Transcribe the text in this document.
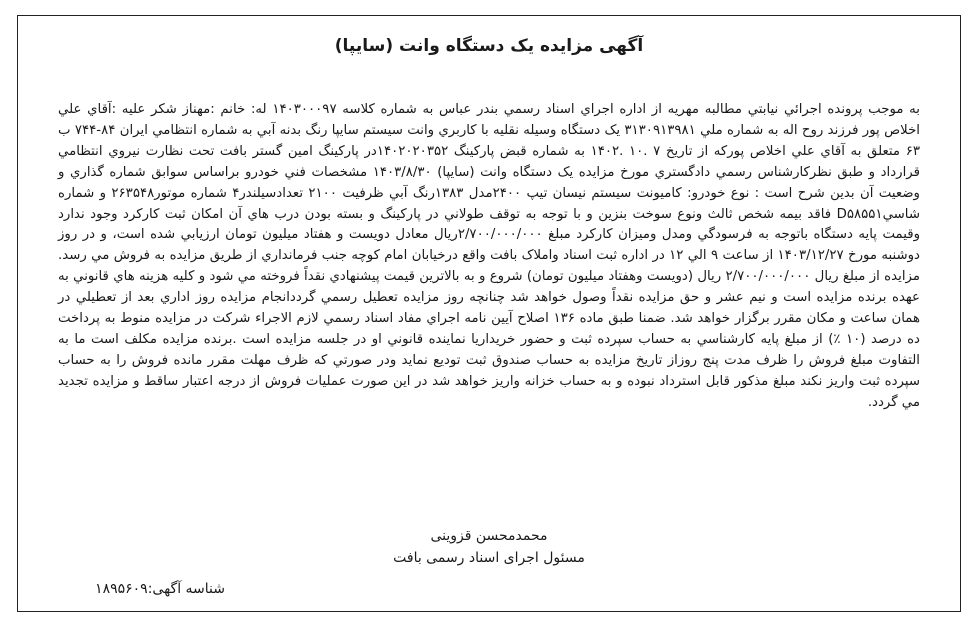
آگهی مزایده یک دستگاه وانت (سایپا)

به موجب پرونده اجرائي نيابتي مطالبه مهريه از اداره اجراي اسناد رسمي بندر عباس به شماره کلاسه ۱۴۰۳۰۰۰۹۷ له: خانم :مهناز شکر عليه :آقاي علي اخلاص پور فرزند روح اله به شماره ملي ۳۱۳۰۹۱۳۹۸۱ يک دستگاه وسيله نقليه با کاربري وانت سيستم سايپا رنگ بدنه آبي به شماره انتظامي ايران ۸۴-۷۴۴ ب ۶۳ متعلق به آقاي علي اخلاص پورکه از تاريخ ۷ .۱۰ .۱۴۰۲ به شماره قبض پارکينگ ۱۴۰۲۰۲۰۳۵۲در پارکينگ امين گستر بافت تحت نظارت نيروي انتظامي قرارداد و طبق نظرکارشناس رسمي دادگستري مورخ مزايده يک دستگاه وانت (سايپا) ۱۴۰۳/۸/۳۰ مشخصات فني خودرو براساس سوابق شماره گذاري و وضعيت آن بدين شرح است : نوع خودرو: کاميونت سيستم نيسان تيپ ۲۴۰۰مدل ۱۳۸۳رنگ آبي ظرفيت ۲۱۰۰ تعدادسيلندر۴ شماره موتور۲۶۳۵۴۸ و شماره شاسيD۵۸۵۵۱ فاقد بيمه شخص ثالث ونوع سوخت بنزين و با توجه به توقف طولاني در پارکينگ و بسته بودن درب هاي آن امکان ثبت کارکرد وجود ندارد وقيمت پايه دستگاه باتوجه به فرسودگي ومدل وميزان کارکرد مبلغ ۲/۷۰۰/۰۰۰/۰۰۰ريال معادل دويست و هفتاد ميليون تومان ارزيابي شده است، و در روز دوشنبه مورخ ۱۴۰۳/۱۲/۲۷ از ساعت ۹ الي ۱۲ در اداره ثبت اسناد واملاک بافت واقع درخيابان امام کوچه جنب فرمانداري از طريق مزايده به فروش مي رسد. مزايده از مبلغ ريال ۲/۷۰۰/۰۰۰/۰۰۰ ريال (دويست وهفتاد ميليون تومان) شروع و به بالاترين قيمت پيشنهادي نقداً فروخته مي شود و کليه هزينه هاي قانوني به عهده برنده مزايده است و نيم عشر و حق مزايده نقداً وصول خواهد شد چنانچه روز مزايده تعطيل رسمي گرددانجام مزايده روز اداري بعد از تعطيلي در همان ساعت و مکان مقرر برگزار خواهد شد. ضمنا طبق ماده ۱۳۶ اصلاح آيين نامه اجراي مفاد اسناد رسمي لازم الاجراء شرکت در مزايده منوط به پرداخت ده درصد (۱۰ ٪) از مبلغ پايه کارشناسي به حساب سپرده ثبت و حضور خريداريا نماينده قانوني او در جلسه مزايده است .برنده مزايده مکلف است ما به التفاوت مبلغ فروش را ظرف مدت پنج روزاز تاريخ مزايده به حساب صندوق ثبت توديع نمايد ودر صورتي که ظرف مهلت مقرر مانده فروش را به حساب سپرده ثبت واريز نکند مبلغ مذکور قابل استرداد نبوده و به حساب خزانه واريز خواهد شد در اين صورت عمليات فروش از درجه اعتبار ساقط و مزايده تجديد مي گردد.

محمدمحسن قزوینی
مسئول اجرای اسناد رسمی بافت
شناسه آگهی:۱۸۹۵۶۰۹
